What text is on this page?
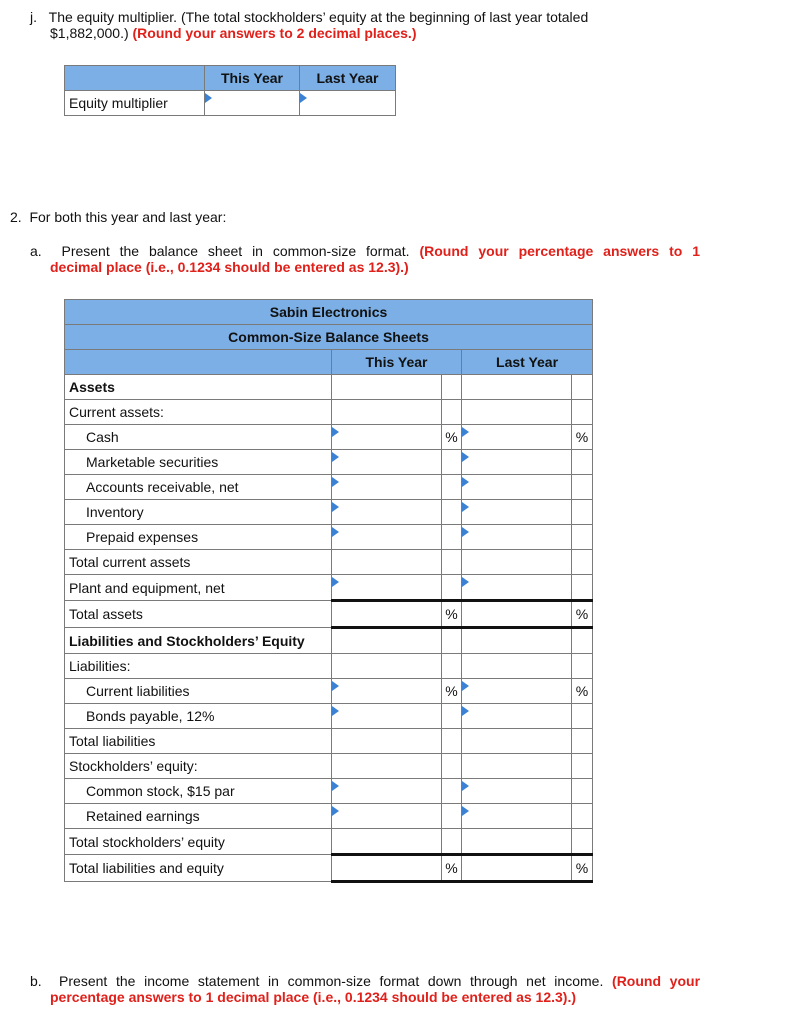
j. The equity multiplier. (The total stockholders’ equity at the beginning of last year totaled

$1,882,000.) (Round your answers to 2 decimal places.)

	This Year	Last Year
Equity multiplier	

2. For both this year and last year:

a. Present the balance sheet in common-size format. (Round your percentage answers to 1

decimal place (i.e., 0.1234 should be entered as 12.3).)

Sabin Electronics				
Common-Size Balance Sheets				
	This Year		Last Year	
Assets				
Current assets:				
Cash		%		%
Marketable securities	

Accounts receivable, net	

Inventory	

Prepaid expenses	

Total current assets				
Plant and equipment, net	

Total assets		%		%
Liabilities and Stockholders’ Equity				
Liabilities:				
Current liabilities		%		%
Bonds payable, 12%	

Total liabilities				
Stockholders’ equity:				
Common stock, $15 par	

Retained earnings	

Total stockholders’ equity				
Total liabilities and equity		%		%

b. Present the income statement in common-size format down through net income. (Round your

percentage answers to 1 decimal place (i.e., 0.1234 should be entered as 12.3).)
